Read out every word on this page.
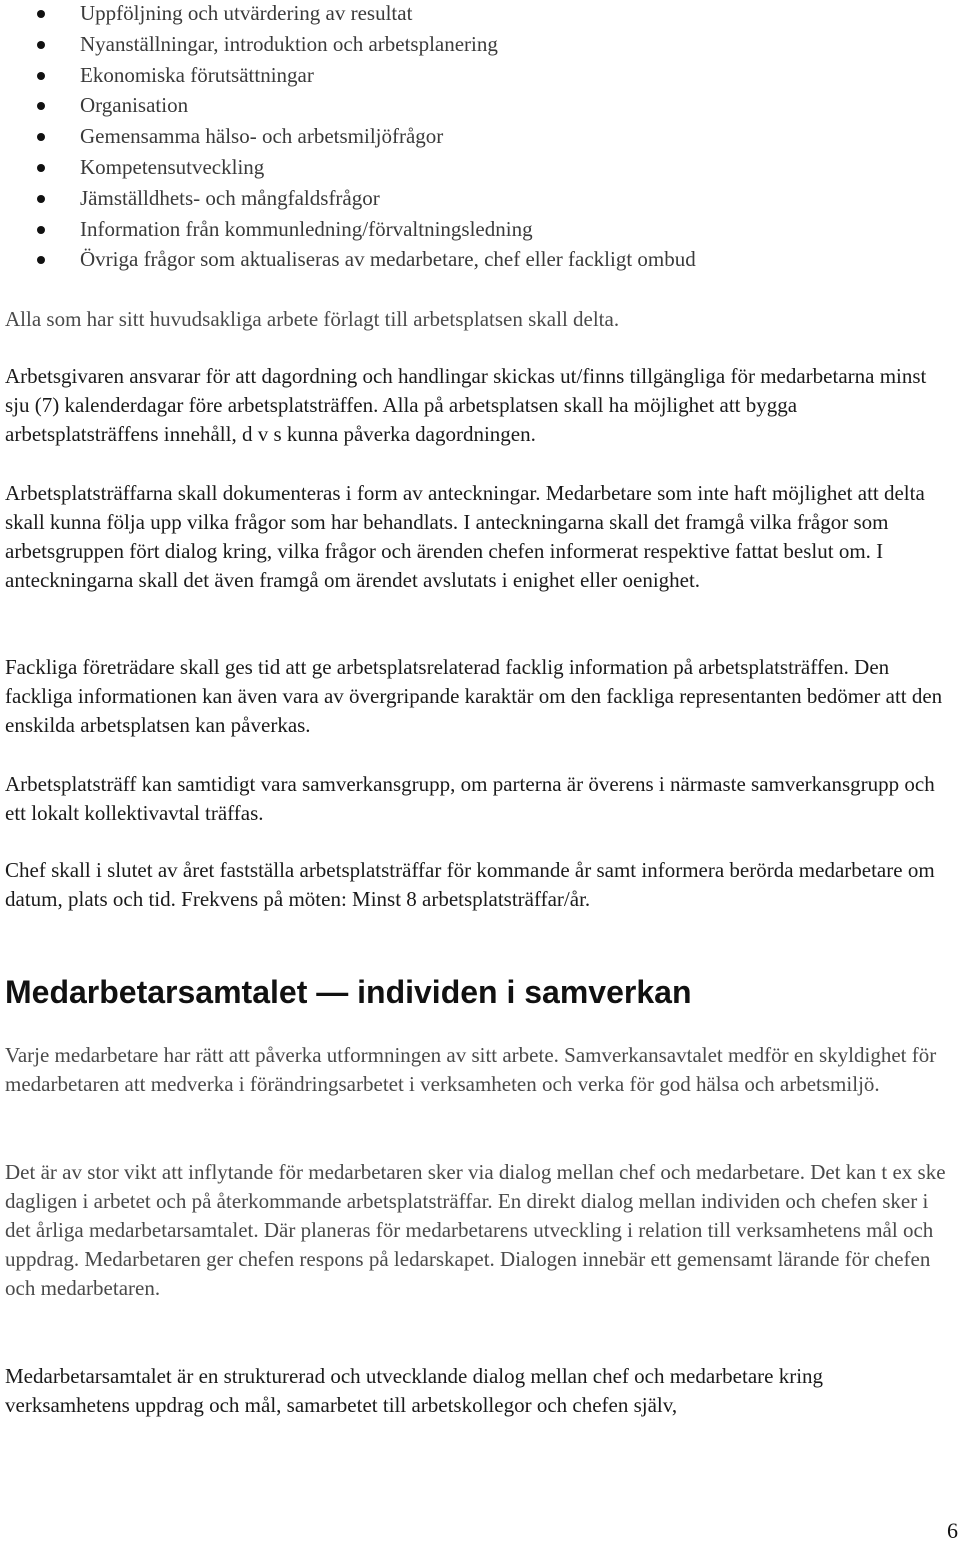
Uppföljning och utvärdering av resultat
Nyanställningar, introduktion och arbetsplanering
Ekonomiska förutsättningar
Organisation
Gemensamma hälso- och arbetsmiljöfrågor
Kompetensutveckling
Jämställdhets- och mångfaldsfrågor
Information från kommunledning/förvaltningsledning
Övriga frågor som aktualiseras av medarbetare, chef eller fackligt ombud

Alla som har sitt huvudsakliga arbete förlagt till arbetsplatsen skall delta.

Arbetsgivaren ansvarar för att dagordning och handlingar skickas ut/finns tillgängliga för medarbetarna minst sju (7) kalenderdagar före arbetsplatsträffen. Alla på arbetsplatsen skall ha möjlighet att bygga arbetsplatsträffens innehåll, d v s kunna påverka dagordningen.

Arbetsplatsträffarna skall dokumenteras i form av anteckningar. Medarbetare som inte haft möjlighet att delta skall kunna följa upp vilka frågor som har behandlats. I anteckningarna skall det framgå vilka frågor som arbetsgruppen fört dialog kring, vilka frågor och ärenden chefen informerat respektive fattat beslut om. I anteckningarna skall det även framgå om ärendet avslutats i enighet eller oenighet.

Fackliga företrädare skall ges tid att ge arbetsplatsrelaterad facklig information på arbetsplatsträffen. Den fackliga informationen kan även vara av övergripande karaktär om den fackliga representanten bedömer att den enskilda arbetsplatsen kan påverkas.

Arbetsplatsträff kan samtidigt vara samverkansgrupp, om parterna är överens i närmaste samverkansgrupp och ett lokalt kollektivavtal träffas.

Chef skall i slutet av året fastställa arbetsplatsträffar för kommande år samt informera berörda medarbetare om datum, plats och tid. Frekvens på möten: Minst 8 arbetsplatsträffar/år.

Medarbetarsamtalet — individen i samverkan

Varje medarbetare har rätt att påverka utformningen av sitt arbete. Samverkansavtalet medför en skyldighet för medarbetaren att medverka i förändringsarbetet i verksamheten och verka för god hälsa och arbetsmiljö.

Det är av stor vikt att inflytande för medarbetaren sker via dialog mellan chef och medarbetare. Det kan t ex ske dagligen i arbetet och på återkommande arbetsplatsträffar. En direkt dialog mellan individen och chefen sker i det årliga medarbetarsamtalet. Där planeras för medarbetarens utveckling i relation till verksamhetens mål och uppdrag. Medarbetaren ger chefen respons på ledarskapet. Dialogen innebär ett gemensamt lärande för chefen och medarbetaren.

Medarbetarsamtalet är en strukturerad och utvecklande dialog mellan chef och medarbetare kring verksamhetens uppdrag och mål, samarbetet till arbetskollegor och chefen själv,

6
